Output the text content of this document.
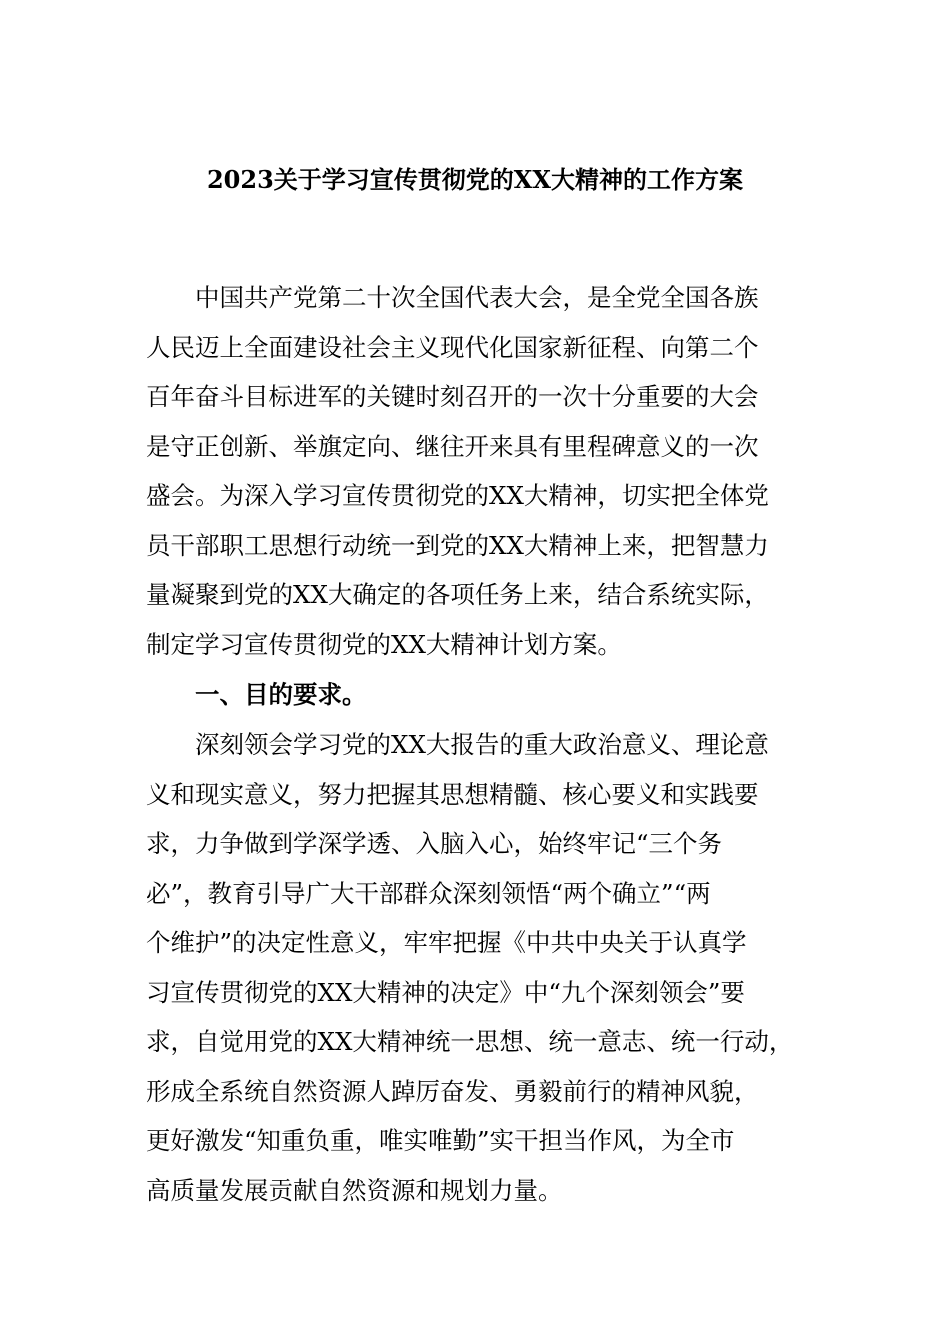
2023关于学习宣传贯彻党的XX大精神的工作方案
中国共产党第二十次全国代表大会，是全党全国各族
人民迈上全面建设社会主义现代化国家新征程、向第二个
百年奋斗目标进军的关键时刻召开的一次十分重要的大会
是守正创新、举旗定向、继往开来具有里程碑意义的一次
盛会。为深入学习宣传贯彻党的XX大精神，切实把全体党
员干部职工思想行动统一到党的XX大精神上来，把智慧力
量凝聚到党的XX大确定的各项任务上来，结合系统实际，
制定学习宣传贯彻党的XX大精神计划方案。
一、目的要求。
深刻领会学习党的XX大报告的重大政治意义、理论意
义和现实意义，努力把握其思想精髓、核心要义和实践要
求，力争做到学深学透、入脑入心，始终牢记“三个务
必”，教育引导广大干部群众深刻领悟“两个确立”“两
个维护”的决定性意义，牢牢把握《中共中央关于认真学
习宣传贯彻党的XX大精神的决定》中“九个深刻领会”要
求，自觉用党的XX大精神统一思想、统一意志、统一行动，
形成全系统自然资源人踔厉奋发、勇毅前行的精神风貌，
更好激发“知重负重，唯实唯勤”实干担当作风，为全市
高质量发展贡献自然资源和规划力量。
